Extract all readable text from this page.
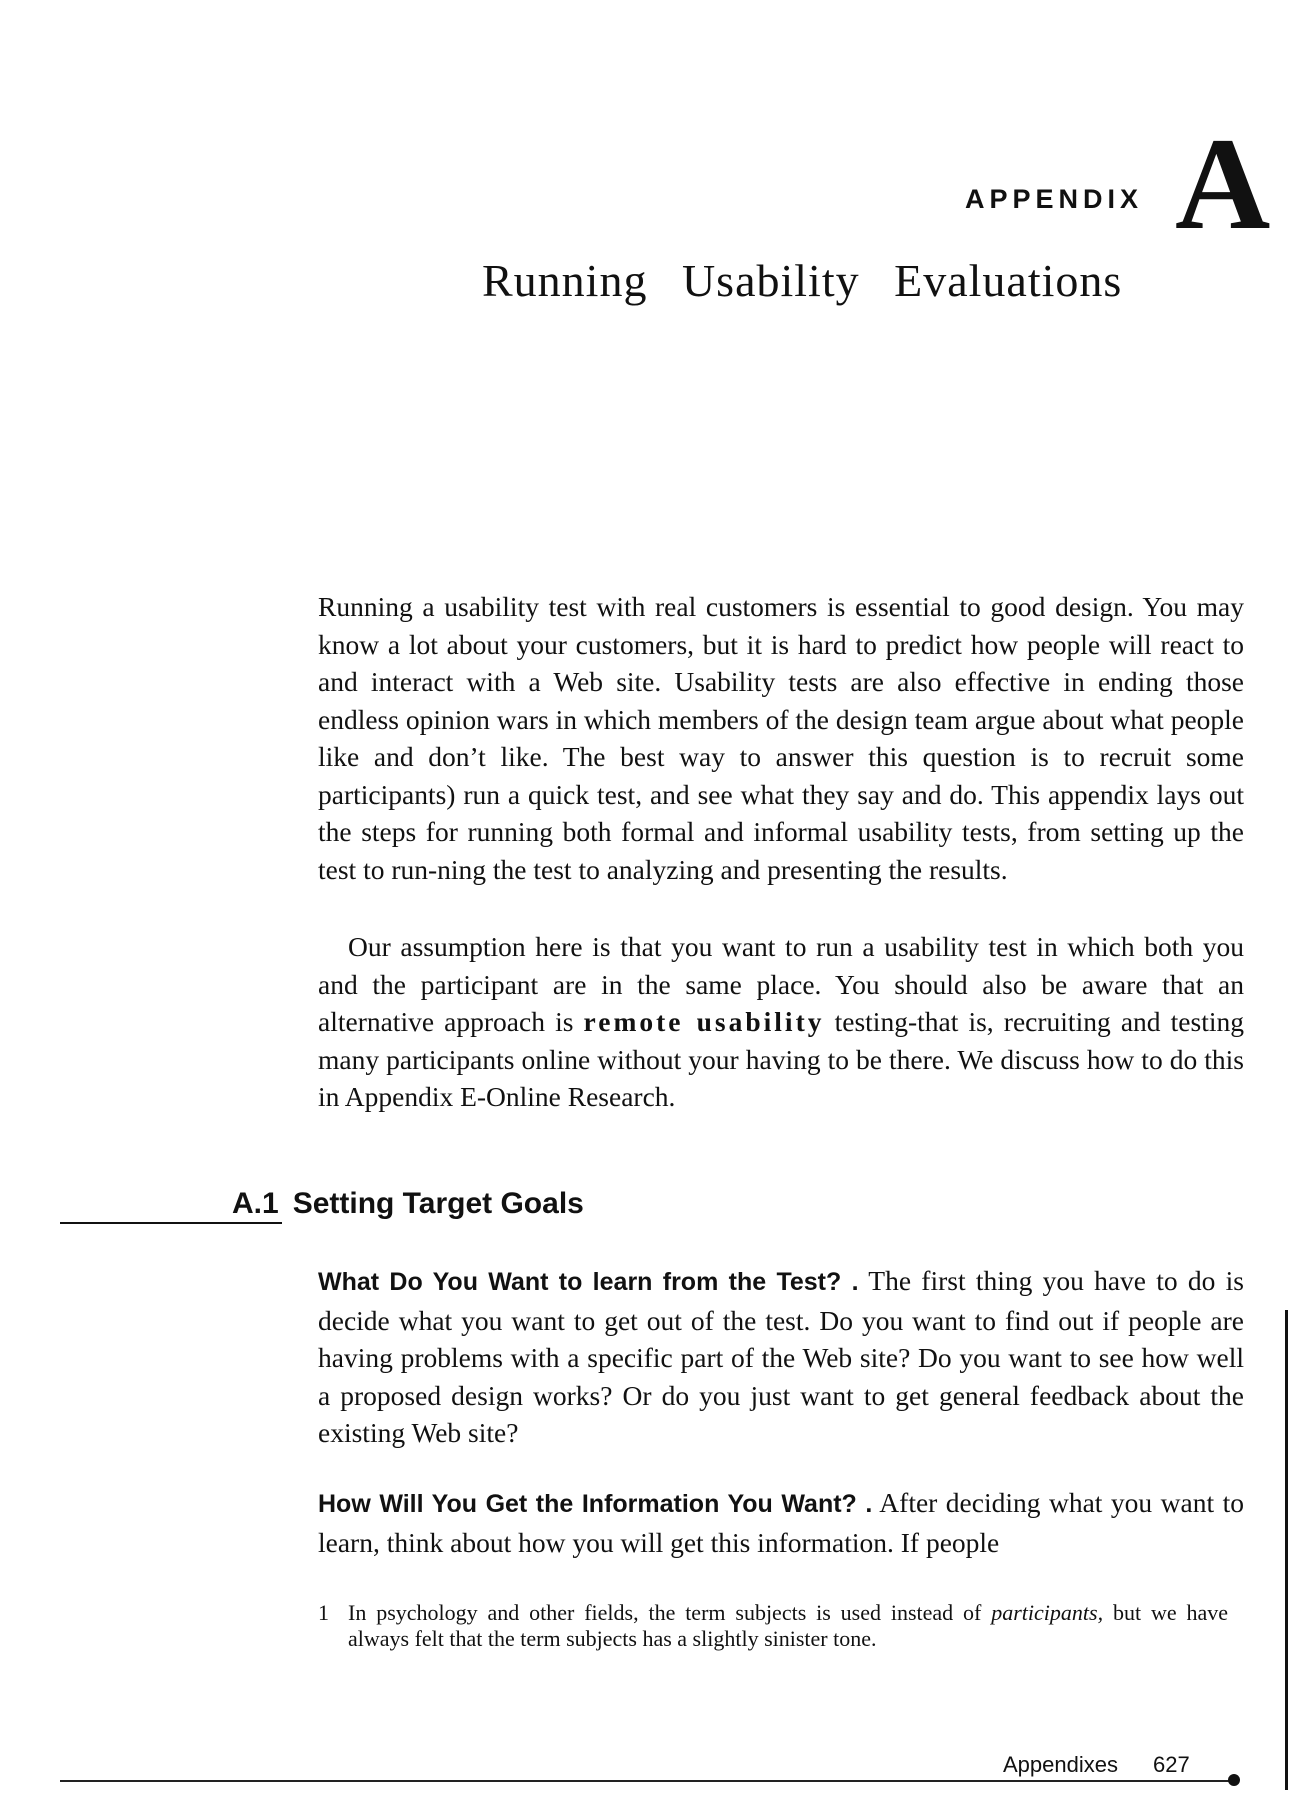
APPENDIX A
Running Usability Evaluations

Running a usability test with real customers is essential to good design. You may know a lot about your customers, but it is hard to predict how people will react to and interact with a Web site. Usability tests are also effective in ending those endless opinion wars in which members of the design team argue about what people like and don’t like. The best way to answer this question is to recruit some participants) run a quick test, and see what they say and do. This appendix lays out the steps for running both formal and informal usability tests, from setting up the test to run-ning the test to analyzing and presenting the results.

Our assumption here is that you want to run a usability test in which both you and the participant are in the same place. You should also be aware that an alternative approach is remote usability testing-that is, recruiting and testing many participants online without your having to be there. We discuss how to do this in Appendix E-Online Research.

A.1 Setting Target Goals

What Do You Want to learn from the Test? . The first thing you have to do is decide what you want to get out of the test. Do you want to find out if people are having problems with a specific part of the Web site? Do you want to see how well a proposed design works? Or do you just want to get general feedback about the existing Web site?

How Will You Get the Information You Want? . After deciding what you want to learn, think about how you will get this information. If people

1 In psychology and other fields, the term subjects is used instead of participants, but we have always felt that the term subjects has a slightly sinister tone.
Appendixes 627
